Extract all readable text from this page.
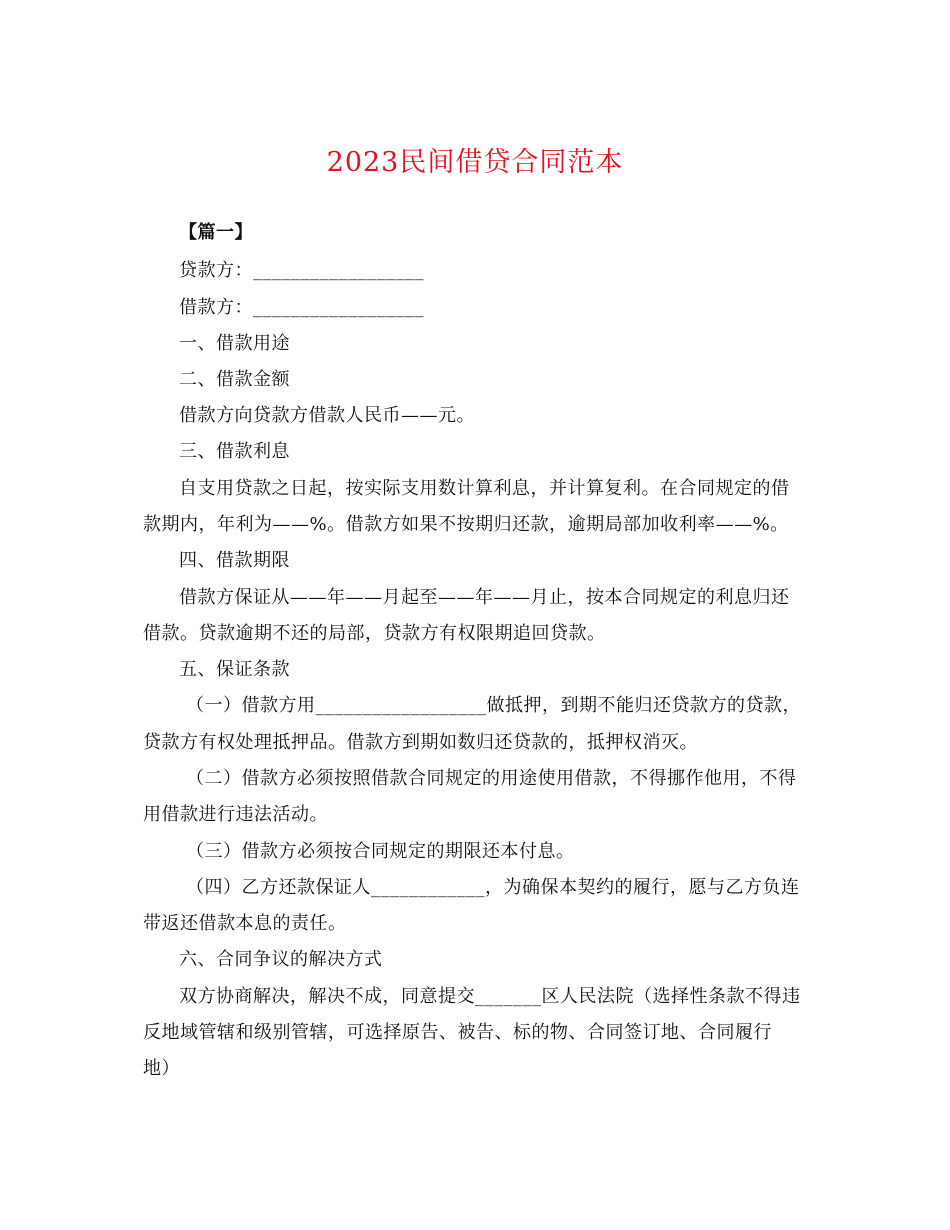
2023民间借贷合同范本
【篇一】
贷款方：__________________
借款方：__________________
一、借款用途
二、借款金额
借款方向贷款方借款人民币——元。
三、借款利息
自支用贷款之日起，按实际支用数计算利息，并计算复利。在合同规定的借
款期内，年利为——%。借款方如果不按期归还款，逾期局部加收利率——%。
四、借款期限
借款方保证从——年——月起至——年——月止，按本合同规定的利息归还
借款。贷款逾期不还的局部，贷款方有权限期追回贷款。
五、保证条款
（一）借款方用__________________做抵押，到期不能归还贷款方的贷款，
贷款方有权处理抵押品。借款方到期如数归还贷款的，抵押权消灭。
（二）借款方必须按照借款合同规定的用途使用借款，不得挪作他用，不得
用借款进行违法活动。
（三）借款方必须按合同规定的期限还本付息。
（四）乙方还款保证人____________，为确保本契约的履行，愿与乙方负连
带返还借款本息的责任。
六、合同争议的解决方式
双方协商解决，解决不成，同意提交_______区人民法院（选择性条款不得违
反地域管辖和级别管辖，可选择原告、被告、标的物、合同签订地、合同履行
地）
